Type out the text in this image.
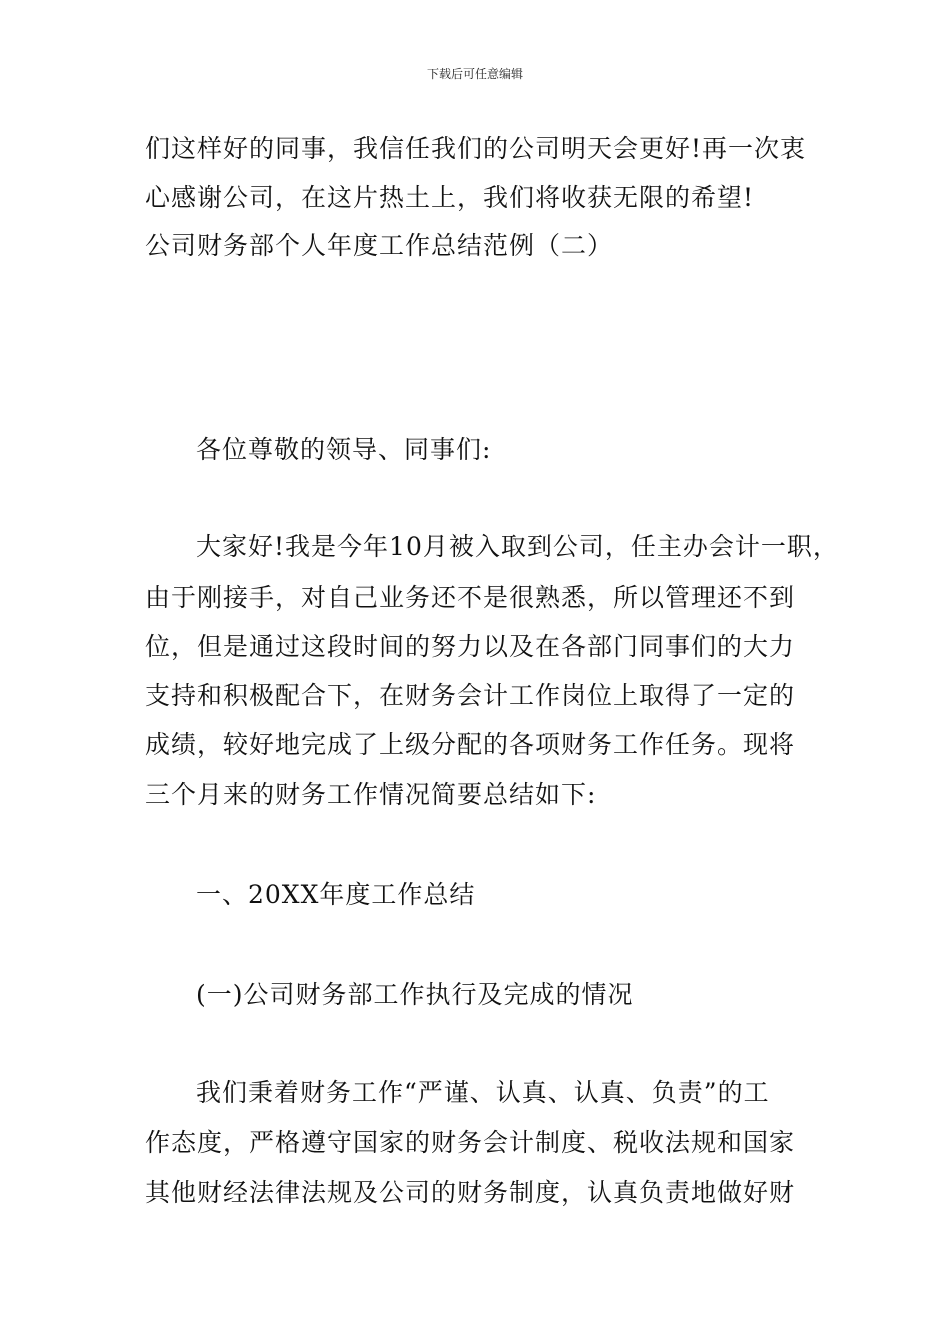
下载后可任意编辑
们这样好的同事，我信任我们的公司明天会更好!再一次衷
心感谢公司，在这片热土上，我们将收获无限的希望!
公司财务部个人年度工作总结范例（二）
各位尊敬的领导、同事们:
大家好!我是今年10月被入取到公司，任主办会计一职，
由于刚接手，对自己业务还不是很熟悉，所以管理还不到
位，但是通过这段时间的努力以及在各部门同事们的大力
支持和积极配合下，在财务会计工作岗位上取得了一定的
成绩，较好地完成了上级分配的各项财务工作任务。现将
三个月来的财务工作情况简要总结如下:
一、20XX年度工作总结
(一)公司财务部工作执行及完成的情况
我们秉着财务工作“严谨、认真、认真、负责”的工
作态度，严格遵守国家的财务会计制度、税收法规和国家
其他财经法律法规及公司的财务制度，认真负责地做好财
